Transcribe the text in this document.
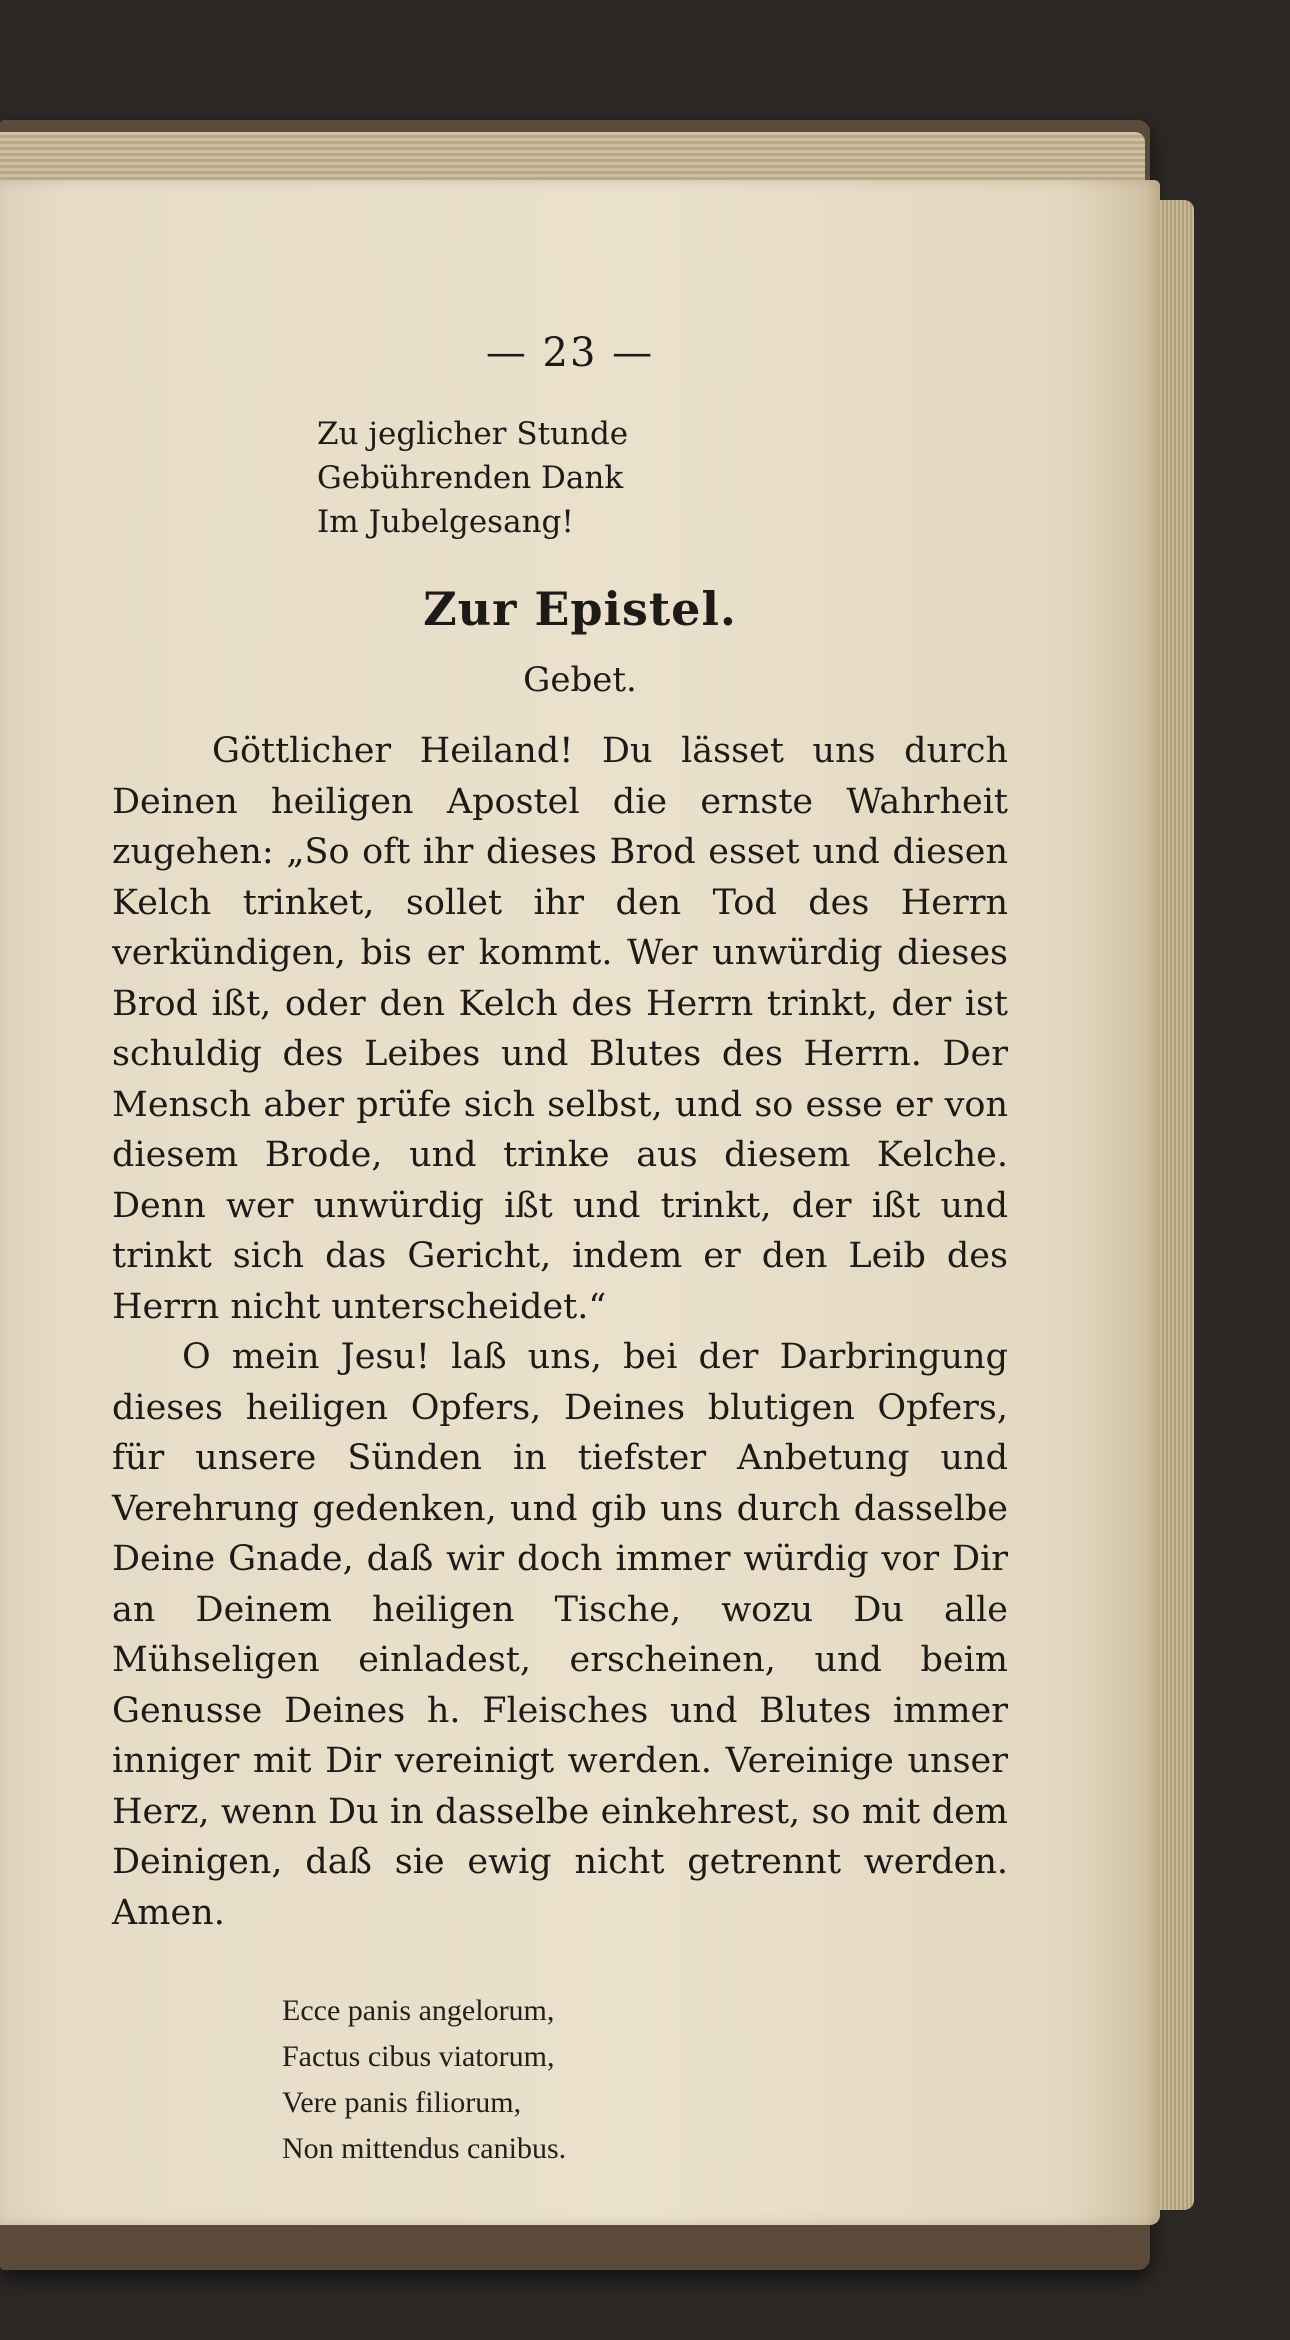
— 23 —
Zu jeglicher Stunde
Gebührenden Dank
Im Jubelgesang!
Zur Epistel.
Gebet.

Göttlicher Heiland! Du lässet uns durch Deinen heiligen Apostel die ernste Wahrheit zugehen: „So oft ihr dieses Brod esset und diesen Kelch trinket, sollet ihr den Tod des Herrn verkündigen, bis er kommt. Wer unwürdig dieses Brod ißt, oder den Kelch des Herrn trinkt, der ist schuldig des Leibes und Blutes des Herrn. Der Mensch aber prüfe sich selbst, und so esse er von diesem Brode, und trinke aus diesem Kelche. Denn wer unwürdig ißt und trinkt, der ißt und trinkt sich das Gericht, indem er den Leib des Herrn nicht unterscheidet.“

O mein Jesu! laß uns, bei der Darbringung dieses heiligen Opfers, Deines blutigen Opfers, für unsere Sünden in tiefster Anbetung und Verehrung gedenken, und gib uns durch dasselbe Deine Gnade, daß wir doch immer würdig vor Dir an Deinem heiligen Tische, wozu Du alle Mühseligen einladest, erscheinen, und beim Genusse Deines h. Fleisches und Blutes immer inniger mit Dir vereinigt werden. Vereinige unser Herz, wenn Du in dasselbe einkehrest, so mit dem Deinigen, daß sie ewig nicht getrennt werden. Amen.

Ecce panis angelorum,
Factus cibus viatorum,
Vere panis filiorum,
Non mittendus canibus.
